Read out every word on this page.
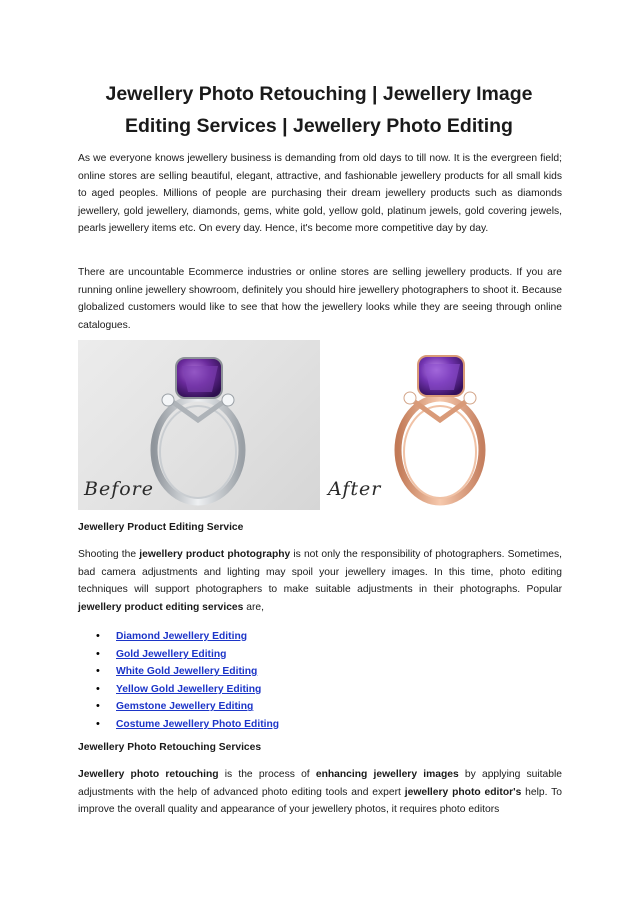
Jewellery Photo Retouching | Jewellery Image
Editing Services | Jewellery Photo Editing

As we everyone knows jewellery business is demanding from old days to till now. It is the evergreen field; online stores are selling beautiful, elegant, attractive, and fashionable jewellery products for all small kids to aged peoples. Millions of people are purchasing their dream jewellery products such as diamonds jewellery, gold jewellery, diamonds, gems, white gold, yellow gold, platinum jewels, gold covering jewels, pearls jewellery items etc. On every day. Hence, it's become more competitive day by day.

There are uncountable Ecommerce industries or online stores are selling jewellery products. If you are running online jewellery showroom, definitely you should hire jewellery photographers to shoot it. Because globalized customers would like to see that how the jewellery looks while they are seeing through online catalogues.

Before	After
Jewellery Product Editing Service

Shooting the jewellery product photography is not only the responsibility of photographers. Sometimes, bad camera adjustments and lighting may spoil your jewellery images. In this time, photo editing techniques will support photographers to make suitable adjustments in their photographs. Popular jewellery product editing services are,

• Diamond Jewellery Editing
• Gold Jewellery Editing
• White Gold Jewellery Editing
• Yellow Gold Jewellery Editing
• Gemstone Jewellery Editing
• Costume Jewellery Photo Editing
Jewellery Photo Retouching Services

Jewellery photo retouching is the process of enhancing jewellery images by applying suitable adjustments with the help of advanced photo editing tools and expert jewellery photo editor's help. To improve the overall quality and appearance of your jewellery photos, it requires photo editors
